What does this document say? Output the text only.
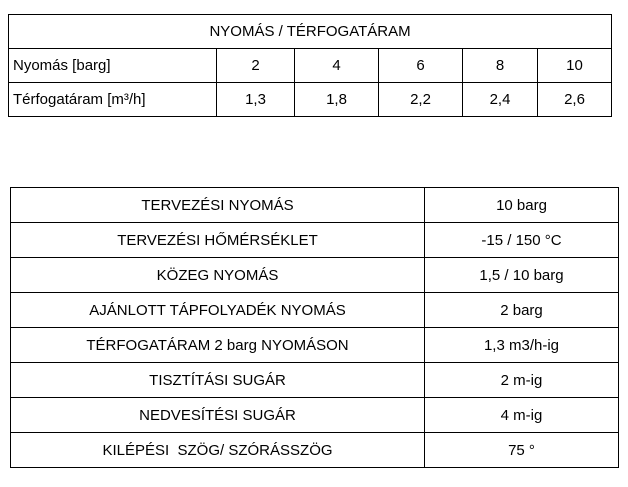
NYOMÁS / TÉRFOGATÁRAM					
Nyomás [barg]	2	4	6	8	10
Térfogatáram [m³/h]	1,3	1,8	2,2	2,4	2,6
TERVEZÉSI NYOMÁS	10 barg
TERVEZÉSI HŐMÉRSÉKLET	-15 / 150 °C
KÖZEG NYOMÁS	1,5 / 10 barg
AJÁNLOTT TÁPFOLYADÉK NYOMÁS	2 barg
TÉRFOGATÁRAM 2 barg NYOMÁSON	1,3 m3/h-ig
TISZTÍTÁSI SUGÁR	2 m-ig
NEDVESÍTÉSI SUGÁR	4 m-ig
KILÉPÉSI  SZÖG/ SZÓRÁSSZÖG	75 °
